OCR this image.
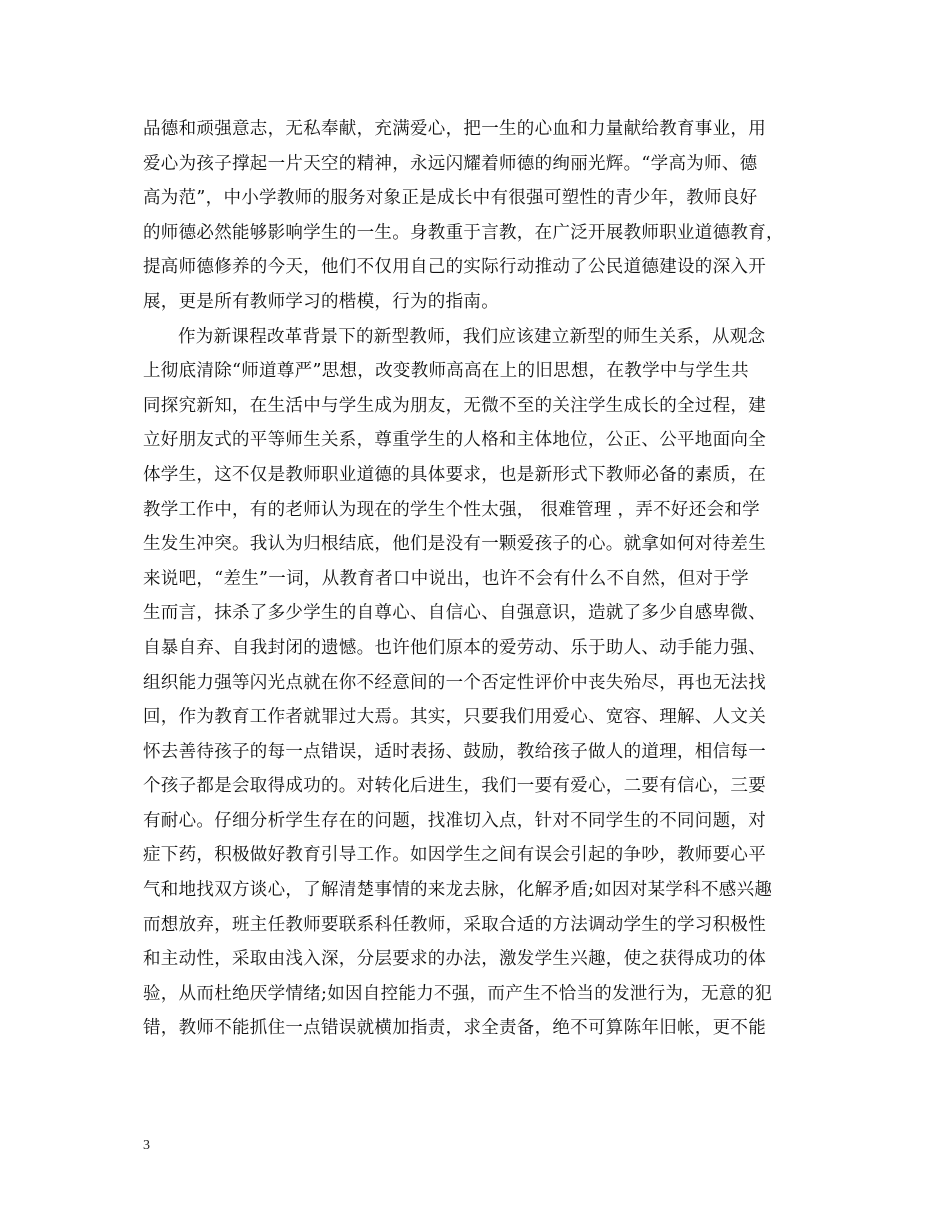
品德和顽强意志，无私奉献，充满爱心，把一生的心血和力量献给教育事业，用
爱心为孩子撑起一片天空的精神，永远闪耀着师德的绚丽光辉。“学高为师、德
高为范”，中小学教师的服务对象正是成长中有很强可塑性的青少年，教师良好
的师德必然能够影响学生的一生。身教重于言教，在广泛开展教师职业道德教育，
提高师德修养的今天，他们不仅用自己的实际行动推动了公民道德建设的深入开
展，更是所有教师学习的楷模，行为的指南。

作为新课程改革背景下的新型教师，我们应该建立新型的师生关系，从观念
上彻底清除“师道尊严”思想，改变教师高高在上的旧思想，在教学中与学生共
同探究新知，在生活中与学生成为朋友，无微不至的关注学生成长的全过程，建
立好朋友式的平等师生关系，尊重学生的人格和主体地位，公正、公平地面向全
体学生，这不仅是教师职业道德的具体要求，也是新形式下教师必备的素质，在
教学工作中，有的老师认为现在的学生个性太强， 很难管理 ，弄不好还会和学
生发生冲突。我认为归根结底，他们是没有一颗爱孩子的心。就拿如何对待差生
来说吧，“差生”一词，从教育者口中说出，也许不会有什么不自然，但对于学
生而言，抹杀了多少学生的自尊心、自信心、自强意识，造就了多少自感卑微、
自暴自弃、自我封闭的遗憾。也许他们原本的爱劳动、乐于助人、动手能力强、
组织能力强等闪光点就在你不经意间的一个否定性评价中丧失殆尽，再也无法找
回，作为教育工作者就罪过大焉。其实，只要我们用爱心、宽容、理解、人文关
怀去善待孩子的每一点错误，适时表扬、鼓励，教给孩子做人的道理，相信每一
个孩子都是会取得成功的。对转化后进生，我们一要有爱心，二要有信心，三要
有耐心。仔细分析学生存在的问题，找准切入点，针对不同学生的不同问题，对
症下药，积极做好教育引导工作。如因学生之间有误会引起的争吵，教师要心平
气和地找双方谈心，了解清楚事情的来龙去脉，化解矛盾;如因对某学科不感兴趣
而想放弃，班主任教师要联系科任教师，采取合适的方法调动学生的学习积极性
和主动性，采取由浅入深，分层要求的办法，激发学生兴趣，使之获得成功的体
验，从而杜绝厌学情绪;如因自控能力不强，而产生不恰当的发泄行为，无意的犯
错，教师不能抓住一点错误就横加指责，求全责备，绝不可算陈年旧帐，更不能

3
